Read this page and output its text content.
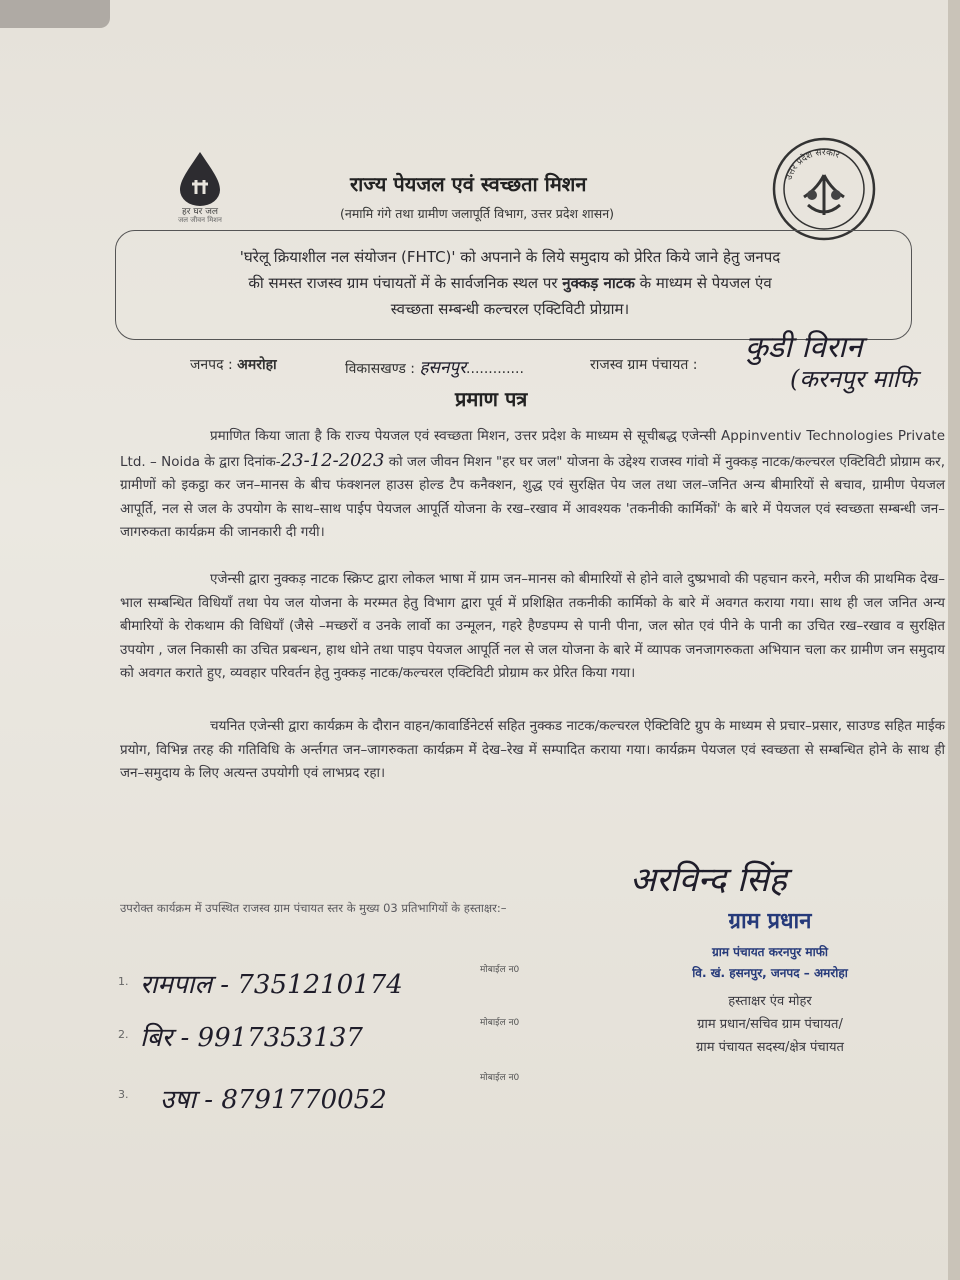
हर घर जल
जल जीवन मिशन
उत्तर प्रदेश सरकार
राज्य पेयजल एवं स्वच्छता मिशन
(नमामि गंगे तथा ग्रामीण जलापूर्ति विभाग, उत्तर प्रदेश शासन)
'घरेलू क्रियाशील नल संयोजन (FHTC)' को अपनाने के लिये समुदाय को प्रेरित किये जाने हेतु जनपद
की समस्त राजस्व ग्राम पंचायतों में के सार्वजनिक स्थल पर नुक्कड़ नाटक के माध्यम से पेयजल एंव
स्वच्छता सम्बन्धी कल्चरल एक्टिविटी प्रोग्राम।
जनपद : अमरोहा	विकासखण्ड : हसनपुर.............	राजस्व ग्राम पंचायत : कुडी विरान
(करनपुर माफि
प्रमाण पत्र
प्रमाणित किया जाता है कि राज्य पेयजल एवं स्वच्छता मिशन, उत्तर प्रदेश के माध्यम से सूचीबद्ध एजेन्सी Appinventiv Technologies Private Ltd. – Noida के द्वारा दिनांक-23-12-2023 को जल जीवन मिशन "हर घर जल" योजना के उद्देश्य राजस्व गांवो में नुक्कड़ नाटक/कल्चरल एक्टिविटी प्रोग्राम कर, ग्रामीणों को इकट्ठा कर जन–मानस के बीच फंक्शनल हाउस होल्ड टैप कनैक्शन, शुद्ध एवं सुरक्षित पेय जल तथा जल–जनित अन्य बीमारियों से बचाव, ग्रामीण पेयजल आपूर्ति, नल से जल के उपयोग के साथ–साथ पाईप पेयजल आपूर्ति योजना के रख–रखाव में आवश्यक 'तकनीकी कार्मिकों' के बारे में पेयजल एवं स्वच्छता सम्बन्धी जन–जागरुकता कार्यक्रम की जानकारी दी गयी।
एजेन्सी द्वारा नुक्कड़ नाटक स्क्रिप्ट द्वारा लोकल भाषा में ग्राम जन–मानस को बीमारियों से होने वाले दुष्प्रभावो की पहचान करने, मरीज की प्राथमिक देख–भाल सम्बन्धित विधियाँ तथा पेय जल योजना के मरम्मत हेतु विभाग द्वारा पूर्व में प्रशिक्षित तकनीकी कार्मिको के बारे में अवगत कराया गया। साथ ही जल जनित अन्य बीमारियों के रोकथाम की विधियाँ (जैसे –मच्छरों व उनके लार्वो का उन्मूलन, गहरे हैण्डपम्प से पानी पीना, जल स्रोत एवं पीने के पानी का उचित रख–रखाव व सुरक्षित उपयोग , जल निकासी का उचित प्रबन्धन, हाथ धोने तथा पाइप पेयजल आपूर्ति नल से जल योजना के बारे में व्यापक जनजागरुकता अभियान चला कर ग्रामीण जन समुदाय को अवगत कराते हुए, व्यवहार परिवर्तन हेतु नुक्कड़ नाटक/कल्चरल एक्टिविटी प्रोग्राम कर प्रेरित किया गया।
चयनित एजेन्सी द्वारा कार्यक्रम के दौरान वाहन/कावार्डिनेटर्स सहित नुक्कड नाटक/कल्चरल ऐक्टिविटि ग्रुप के माध्यम से प्रचार–प्रसार, साउण्ड सहित माईक प्रयोग, विभिन्न तरह की गतिविधि के अर्न्तगत जन–जागरुकता कार्यक्रम मेें देख–रेख में सम्पादित कराया गया। कार्यक्रम पेयजल एवं स्वच्छता से सम्बन्धित होने के साथ ही जन–समुदाय के लिए अत्यन्त उपयोगी एवं लाभप्रद रहा।
अरविन्द सिंह
ग्राम प्रधान
ग्राम पंचायत करनपुर माफी
वि. खं. हसनपुर, जनपद – अमरोहा
हस्ताक्षर एंव मोहर
ग्राम प्रधान/सचिव ग्राम पंचायत/
ग्राम पंचायत सदस्य/क्षेत्र पंचायत
उपरोक्त कार्यक्रम में उपस्थित राजस्व ग्राम पंचायत स्तर के मुख्य 03 प्रतिभागियों के हस्ताक्षर:–
मोबाईल न0
मोबाईल न0
मोबाईल न0
1. रामपाल - 7351210174
2. बिर - 9917353137
3. उषा - 8791770052
